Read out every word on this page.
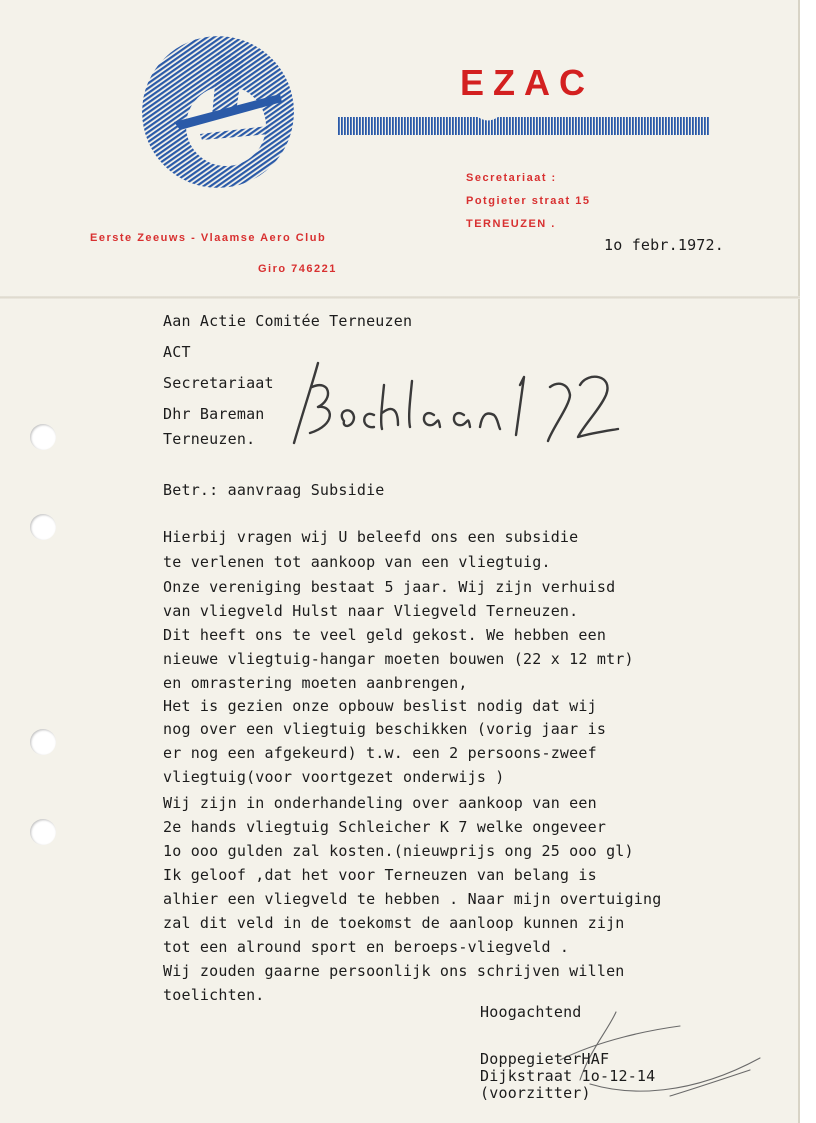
EZAC
Secretariaat :
Potgieter straat 15
TERNEUZEN .
Eerste Zeeuws - Vlaamse Aero Club
Giro 746221
1o febr.1972.
Aan Actie Comitée Terneuzen
ACT
Secretariaat
Dhr Bareman
Terneuzen.
Betr.: aanvraag Subsidie
Hierbij vragen wij U beleefd ons een subsidie
te verlenen tot aankoop van een vliegtuig.
Onze vereniging bestaat 5 jaar. Wij zijn verhuisd
van vliegveld Hulst naar Vliegveld Terneuzen.
Dit heeft ons te veel geld gekost. We hebben een
nieuwe vliegtuig-hangar moeten bouwen (22 x 12 mtr)
en omrastering moeten aanbrengen,
Het is gezien onze opbouw beslist nodig dat wij
nog over een vliegtuig beschikken (vorig jaar is
er nog een afgekeurd) t.w. een 2 persoons-zweef
vliegtuig(voor voortgezet onderwijs )
Wij zijn in onderhandeling over aankoop van een
2e hands vliegtuig Schleicher K 7 welke ongeveer
1o ooo gulden zal kosten.(nieuwprijs ong 25 ooo gl)
Ik geloof ,dat het voor Terneuzen van belang is
alhier een vliegveld te hebben . Naar mijn overtuiging
zal dit veld in de toekomst de aanloop kunnen zijn
tot een alround sport en beroeps-vliegveld .
Wij zouden gaarne persoonlijk ons schrijven willen
toelichten.
Hoogachtend
DoppegieterHAF
Dijkstraat 1o-12-14
(voorzitter)
